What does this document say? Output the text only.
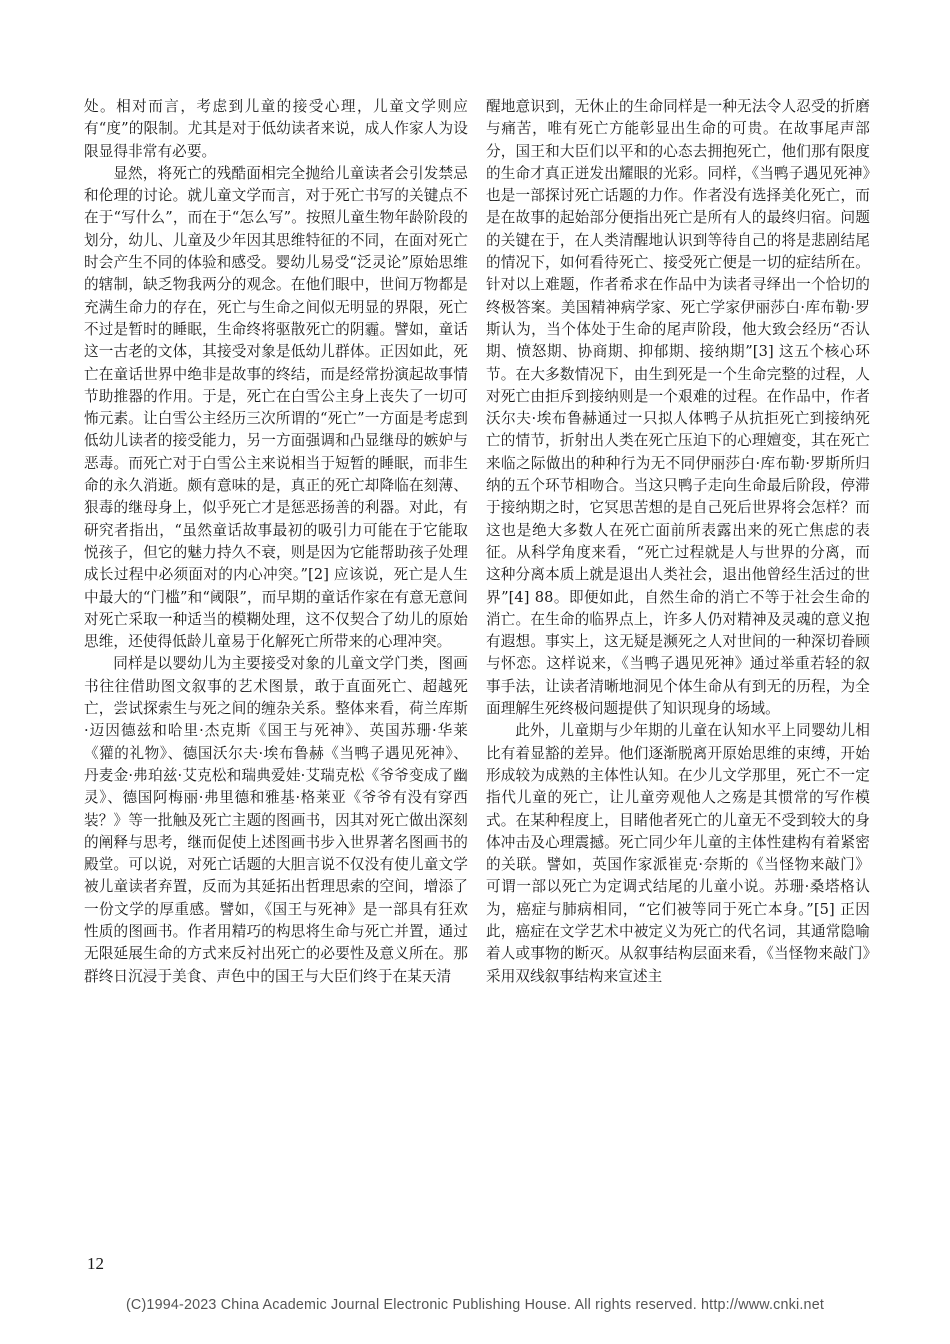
处。相对而言，考虑到儿童的接受心理，儿童文学则应有“度”的限制。尤其是对于低幼读者来说，成人作家人为设限显得非常有必要。

显然，将死亡的残酷面相完全抛给儿童读者会引发禁忌和伦理的讨论。就儿童文学而言，对于死亡书写的关键点不在于“写什么”，而在于“怎么写”。按照儿童生物年龄阶段的划分，幼儿、儿童及少年因其思维特征的不同，在面对死亡时会产生不同的体验和感受。婴幼儿易受“泛灵论”原始思维的辖制，缺乏物我两分的观念。在他们眼中，世间万物都是充满生命力的存在，死亡与生命之间似无明显的界限，死亡不过是暂时的睡眠，生命终将驱散死亡的阴霾。譬如，童话这一古老的文体，其接受对象是低幼儿群体。正因如此，死亡在童话世界中绝非是故事的终结，而是经常扮演起故事情节助推器的作用。于是，死亡在白雪公主身上丧失了一切可怖元素。让白雪公主经历三次所谓的“死亡”一方面是考虑到低幼儿读者的接受能力，另一方面强调和凸显继母的嫉妒与恶毒。而死亡对于白雪公主来说相当于短暂的睡眠，而非生命的永久消逝。颇有意味的是，真正的死亡却降临在刻薄、狠毒的继母身上，似乎死亡才是惩恶扬善的利器。对此，有研究者指出，“虽然童话故事最初的吸引力可能在于它能取悦孩子，但它的魅力持久不衰，则是因为它能帮助孩子处理成长过程中必须面对的内心冲突。”[2] 应该说，死亡是人生中最大的“门槛”和“阈限”，而早期的童话作家在有意无意间对死亡采取一种适当的模糊处理，这不仅契合了幼儿的原始思维，还使得低龄儿童易于化解死亡所带来的心理冲突。

同样是以婴幼儿为主要接受对象的儿童文学门类，图画书往往借助图文叙事的艺术图景，敢于直面死亡、超越死亡，尝试探索生与死之间的缠杂关系。整体来看，荷兰库斯·迈因德兹和哈里·杰克斯《国王与死神》、英国苏珊·华莱《獾的礼物》、德国沃尔夫·埃布鲁赫《当鸭子遇见死神》、丹麦金·弗珀兹·艾克松和瑞典爱娃·艾瑞克松《爷爷变成了幽灵》、德国阿梅丽·弗里德和雅基·格莱亚《爷爷有没有穿西装？》等一批触及死亡主题的图画书，因其对死亡做出深刻的阐释与思考，继而促使上述图画书步入世界著名图画书的殿堂。可以说，对死亡话题的大胆言说不仅没有使儿童文学被儿童读者弃置，反而为其延拓出哲理思索的空间，增添了一份文学的厚重感。譬如，《国王与死神》是一部具有狂欢性质的图画书。作者用精巧的构思将生命与死亡并置，通过无限延展生命的方式来反衬出死亡的必要性及意义所在。那群终日沉浸于美食、声色中的国王与大臣们终于在某天清

醒地意识到，无休止的生命同样是一种无法令人忍受的折磨与痛苦，唯有死亡方能彰显出生命的可贵。在故事尾声部分，国王和大臣们以平和的心态去拥抱死亡，他们那有限度的生命才真正迸发出耀眼的光彩。同样，《当鸭子遇见死神》也是一部探讨死亡话题的力作。作者没有选择美化死亡，而是在故事的起始部分便指出死亡是所有人的最终归宿。问题的关键在于，在人类清醒地认识到等待自己的将是悲剧结尾的情况下，如何看待死亡、接受死亡便是一切的症结所在。针对以上难题，作者希求在作品中为读者寻绎出一个恰切的终极答案。美国精神病学家、死亡学家伊丽莎白·库布勒·罗斯认为，当个体处于生命的尾声阶段，他大致会经历“否认期、愤怒期、协商期、抑郁期、接纳期”[3] 这五个核心环节。在大多数情况下，由生到死是一个生命完整的过程，人对死亡由拒斥到接纳则是一个艰难的过程。在作品中，作者沃尔夫·埃布鲁赫通过一只拟人体鸭子从抗拒死亡到接纳死亡的情节，折射出人类在死亡压迫下的心理嬗变，其在死亡来临之际做出的种种行为无不同伊丽莎白·库布勒·罗斯所归纳的五个环节相吻合。当这只鸭子走向生命最后阶段，停滞于接纳期之时，它冥思苦想的是自己死后世界将会怎样？而这也是绝大多数人在死亡面前所表露出来的死亡焦虑的表征。从科学角度来看，“死亡过程就是人与世界的分离，而这种分离本质上就是退出人类社会，退出他曾经生活过的世界”[4] 88。即便如此，自然生命的消亡不等于社会生命的消亡。在生命的临界点上，许多人仍对精神及灵魂的意义抱有遐想。事实上，这无疑是濒死之人对世间的一种深切眷顾与怀恋。这样说来，《当鸭子遇见死神》通过举重若轻的叙事手法，让读者清晰地洞见个体生命从有到无的历程，为全面理解生死终极问题提供了知识现身的场域。

此外，儿童期与少年期的儿童在认知水平上同婴幼儿相比有着显豁的差异。他们逐渐脱离开原始思维的束缚，开始形成较为成熟的主体性认知。在少儿文学那里，死亡不一定指代儿童的死亡，让儿童旁观他人之殇是其惯常的写作模式。在某种程度上，目睹他者死亡的儿童无不受到较大的身体冲击及心理震撼。死亡同少年儿童的主体性建构有着紧密的关联。譬如，英国作家派崔克·奈斯的《当怪物来敲门》可谓一部以死亡为定调式结尾的儿童小说。苏珊·桑塔格认为，癌症与肺病相同，“它们被等同于死亡本身。”[5] 正因此，癌症在文学艺术中被定义为死亡的代名词，其通常隐喻着人或事物的断灭。从叙事结构层面来看，《当怪物来敲门》采用双线叙事结构来宣述主

12
(C)1994-2023 China Academic Journal Electronic Publishing House. All rights reserved. http://www.cnki.net
